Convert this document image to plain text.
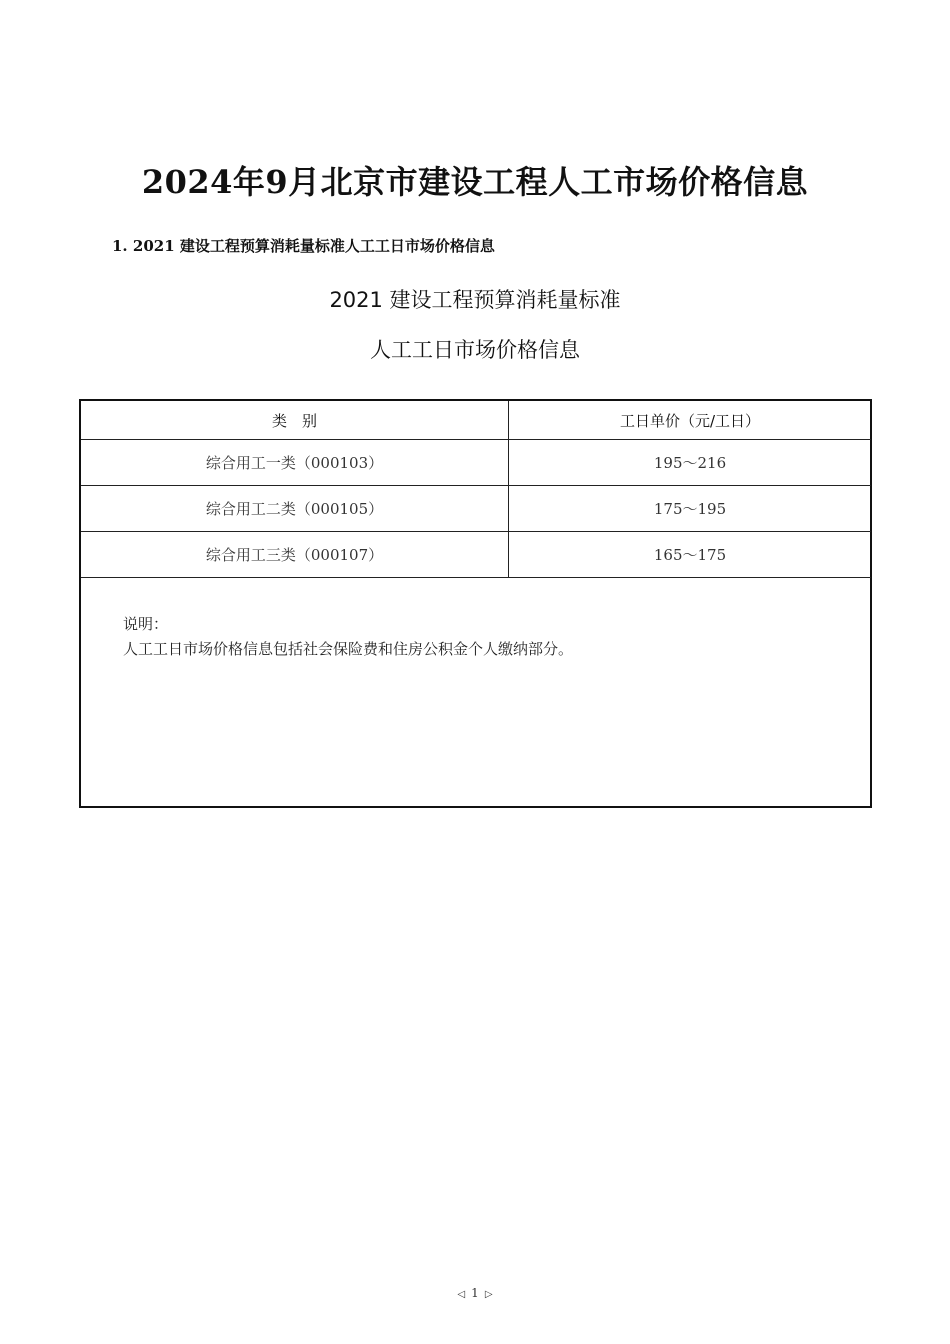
2024年9月北京市建设工程人工市场价格信息
1. 2021 建设工程预算消耗量标准人工工日市场价格信息
2021 建设工程预算消耗量标准
人工工日市场价格信息
类　别	工日单价（元/工日）
综合用工一类（000103）	195～216
综合用工二类（000105）	175～195
综合用工三类（000107）	165～175
说明：
人工工日市场价格信息包括社会保险费和住房公积金个人缴纳部分。
◁ 1 ▷
